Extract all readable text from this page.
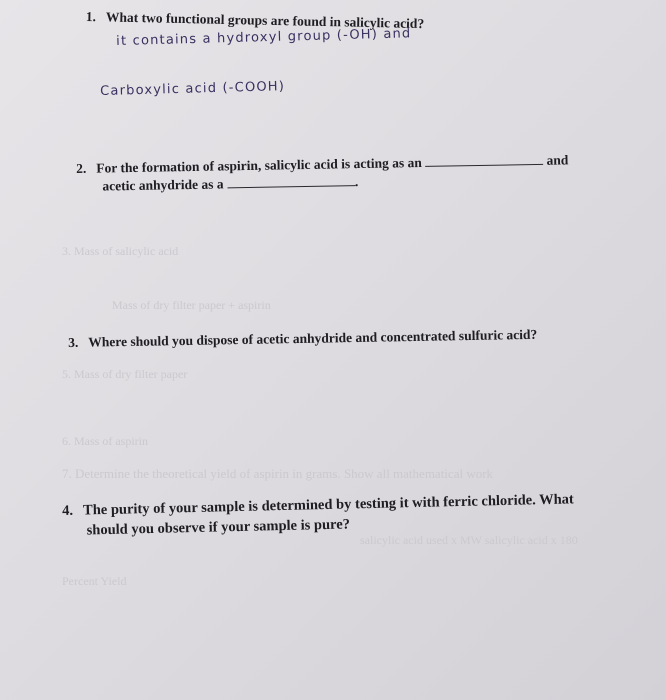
3. Mass of salicylic acid
Mass of dry filter paper + aspirin
5. Mass of dry filter paper
6. Mass of aspirin
7. Determine the theoretical yield of aspirin in grams. Show all mathematical work
salicylic acid used x MW salicylic acid x 180
Percent Yield
1. What two functional groups are found in salicylic acid?
it contains a hydroxyl group (-OH) and
Carboxylic acid (-COOH)
2. For the formation of aspirin, salicylic acid is acting as an	and
acetic anhydride as a	.
3. Where should you dispose of acetic anhydride and concentrated sulfuric acid?
4. The purity of your sample is determined by testing it with ferric chloride. What
should you observe if your sample is pure?
